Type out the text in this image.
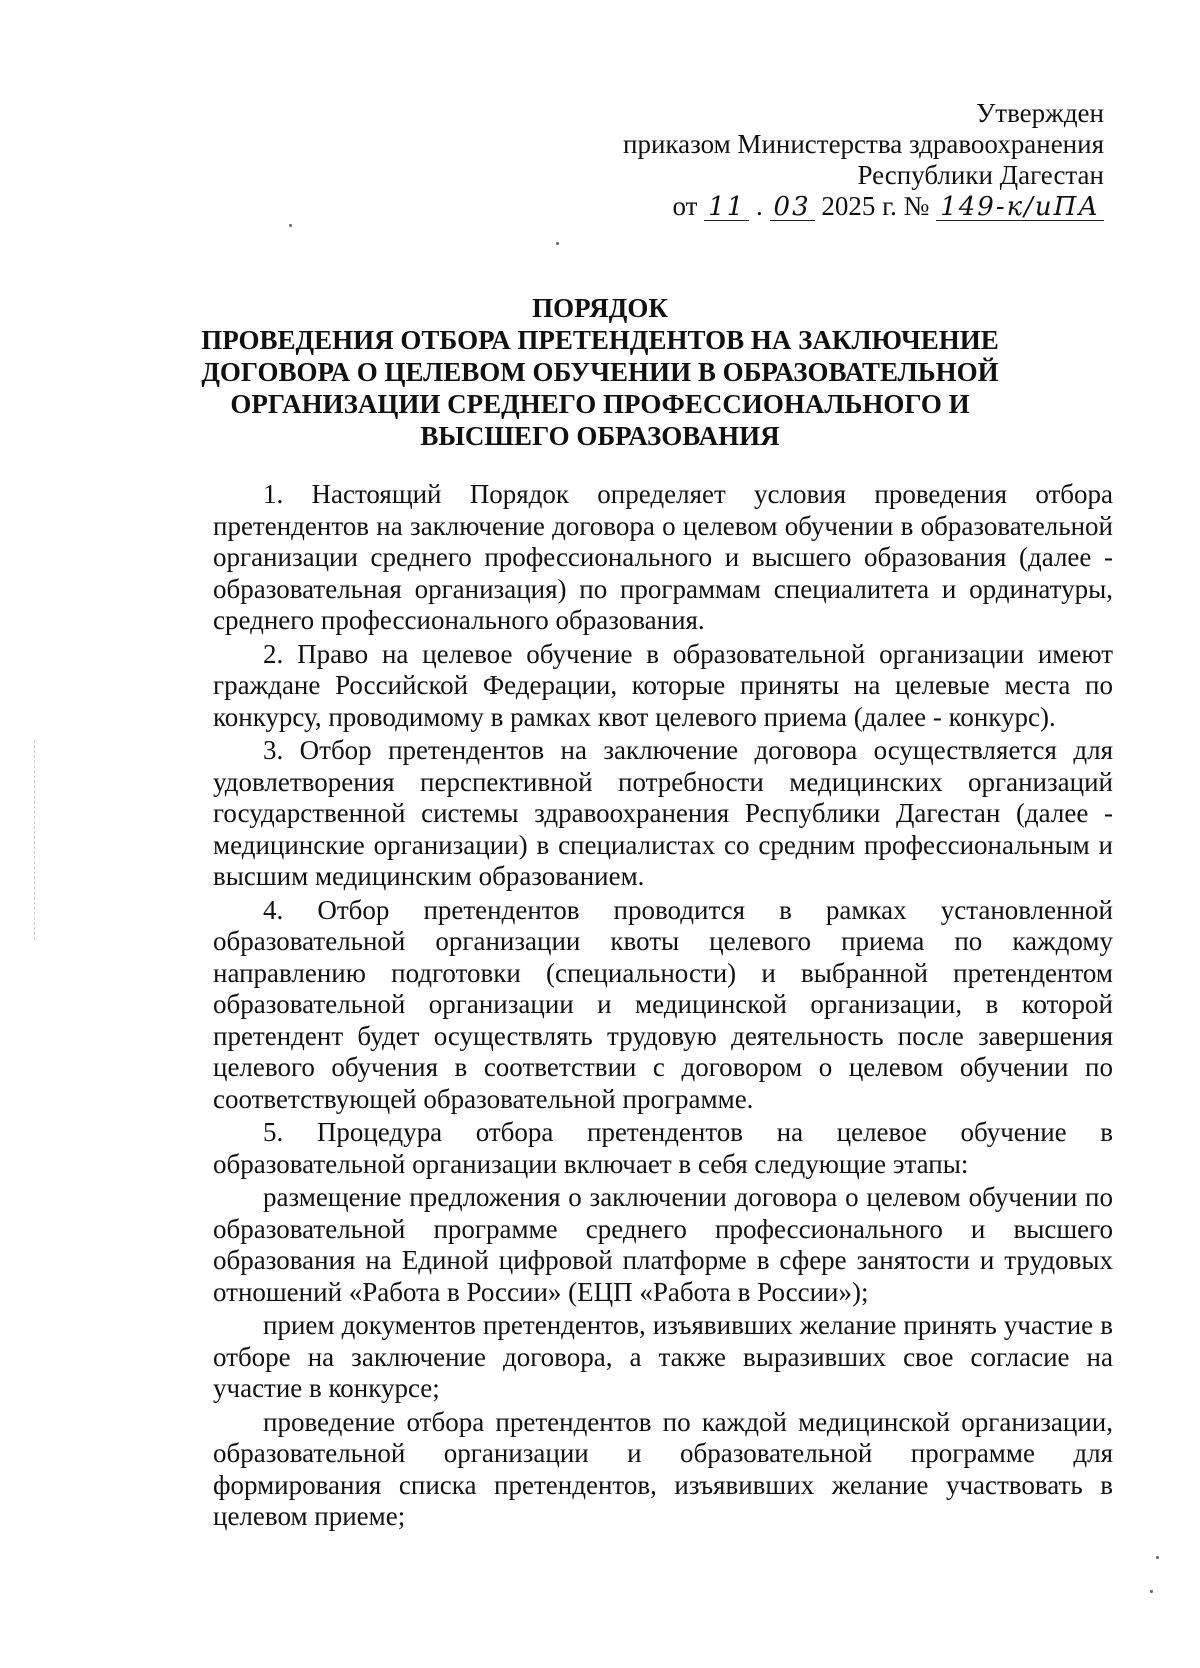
Утвержден
приказом Министерства здравоохранения
Республики Дагестан
от 11 . 03 2025 г. № 149-к/иПА
ПОРЯДОК
ПРОВЕДЕНИЯ ОТБОРА ПРЕТЕНДЕНТОВ НА ЗАКЛЮЧЕНИЕ
ДОГОВОРА О ЦЕЛЕВОМ ОБУЧЕНИИ В ОБРАЗОВАТЕЛЬНОЙ
ОРГАНИЗАЦИИ СРЕДНЕГО ПРОФЕССИОНАЛЬНОГО И
ВЫСШЕГО ОБРАЗОВАНИЯ

1. Настоящий Порядок определяет условия проведения отбора претендентов на заключение договора о целевом обучении в образовательной организации среднего профессионального и высшего образования (далее - образовательная организация) по программам специалитета и ординатуры, среднего профессионального образования.

2. Право на целевое обучение в образовательной организации имеют граждане Российской Федерации, которые приняты на целевые места по конкурсу, проводимому в рамках квот целевого приема (далее - конкурс).

3. Отбор претендентов на заключение договора осуществляется для удовлетворения перспективной потребности медицинских организаций государственной системы здравоохранения Республики Дагестан (далее - медицинские организации) в специалистах со средним профессиональным и высшим медицинским образованием.

4. Отбор претендентов проводится в рамках установленной образовательной организации квоты целевого приема по каждому направлению подготовки (специальности) и выбранной претендентом образовательной организации и медицинской организации, в которой претендент будет осуществлять трудовую деятельность после завершения целевого обучения в соответствии с договором о целевом обучении по соответствующей образовательной программе.

5. Процедура отбора претендентов на целевое обучение в образовательной организации включает в себя следующие этапы:

размещение предложения о заключении договора о целевом обучении по образовательной программе среднего профессионального и высшего образования на Единой цифровой платформе в сфере занятости и трудовых отношений «Работа в России» (ЕЦП «Работа в России»);

прием документов претендентов, изъявивших желание принять участие в отборе на заключение договора, а также выразивших свое согласие на участие в конкурсе;

проведение отбора претендентов по каждой медицинской организации, образовательной организации и образовательной программе для формирования списка претендентов, изъявивших желание участвовать в целевом приеме;
